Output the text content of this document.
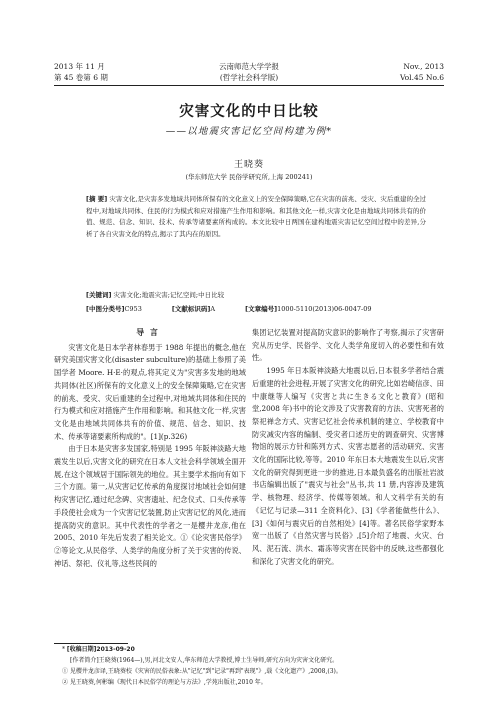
2013 年 11 月
第 45 卷第 6 期
云南师范大学学报
(哲学社会科学版)
Nov., 2013
Vol.45 No.6
灾害文化的中日比较
——以地震灾害记忆空间构建为例*
王晓葵
(华东师范大学 民俗学研究所,上海 200241)
[摘 要] 灾害文化,是灾害多发地域共同体所保有的文化意义上的安全保障策略,它在灾害的前兆、受灾、灾后重建的全过程中,对地域共同体、住民的行为模式和应对措施产生作用和影响。和其他文化一样,灾害文化是由地域共同体共有的价值、规范、信念、知识、技术、传承等诸要素所构成的。本文比较中日两国在建构地震灾害记忆空间过程中的差异,分析了各自灾害文化的特点,揭示了其内在的原因。
[关键词] 灾害文化;地震灾害;记忆空间;中日比较
[中图分类号]C953	[文献标识码]A	[文章编号]1000-5110(2013)06-0047-09
导言

灾害文化是日本学者林春男于 1988 年提出的概念,他在研究美国灾害文化(disaster subculture)的基础上参照了美国学者 Moore. H·E·的观点,将其定义为"灾害多发地的地域共同体(社区)所保有的文化意义上的安全保障策略,它在灾害的前兆、受灾、灾后重建的全过程中,对地域共同体和住民的行为模式和应对措施产生作用和影响。和其他文化一样,灾害文化是由地域共同体共有的价值、规范、信念、知识、技术、传承等诸要素所构成的"。[1](p.326)

由于日本是灾害多发国家,特别是 1995 年阪神淡路大地震发生以后,灾害文化的研究在日本人文社会科学领域全面开展,在这个领域居于国际领先的地位。其主要学术指向有如下三个方面。第一,从灾害记忆传承的角度探讨地域社会如何建构灾害记忆,通过纪念碑、灾害遗址、纪念仪式、口头传承等手段使社会成为一个灾害记忆装置,防止灾害记忆的风化,进而提高防灾的意识。其中代表性的学者之一是樱井龙彦,他在 2005、2010 年先后发表了相关论文。①《论灾害民俗学》②等论文,从民俗学、人类学的角度分析了关于灾害的传说、神话、祭祀、仪礼等,这些民间的

集团记忆装置对提高防灾意识的影响作了考察,揭示了灾害研究从历史学、民俗学、文化人类学角度切入的必要性和有效性。

1995 年日本阪神淡路大地震以后,日本很多学者结合震后重建的社会进程,开展了灾害文化的研究,比如岩崎信彦、田中康继等人编写《灾害と共に生きる文化と教育》(昭和堂,2008 年)书中的论文涉及了灾害教育的方法、灾害死者的祭祀禅念方式、灾害记忆社会传承机制的建立、学校教育中防灾减灾内容的编制、受灾者口述历史的调查研究、灾害博物馆的展示方针和陈列方式、灾害志愿者的活动研究、灾害文化的国际比较,等等。2010 年东日本大地震发生以后,灾害文化的研究得到更进一步的推进,日本最负盛名的出版社岩波书店编辑出版了"震灾与社会"丛书,共 11 册,内容涉及建筑学、核物理、经济学、传媒等领域。和人文科学有关的有《记忆与记录—311 全资料化》、[3]《学者能做些什么》、[3]《如何与震灾后的自然相处》[4]等。著名民俗学家野本宽一出版了《自然灾害与民俗》,[5]介绍了地震、火灾、台风、泥石流、洪水、霜冻等灾害在民俗中的反映,这些都强化和深化了灾害文化的研究。

* [收稿日期]2013-09-20
[作者简介]王晓葵(1964—),男,河北文安人,华东师范大学教授,博士生导师,研究方向为灾害文化研究。
① 见樱井龙彦译,王晓葵校《灾害的民俗表象:从"记忆"到"记录"再到"表现"》,载《文化遗产》,2008,(3)。
② 见王晓葵,何彬编《现代日本民俗学的理论与方法》,学苑出版社,2010 年。
